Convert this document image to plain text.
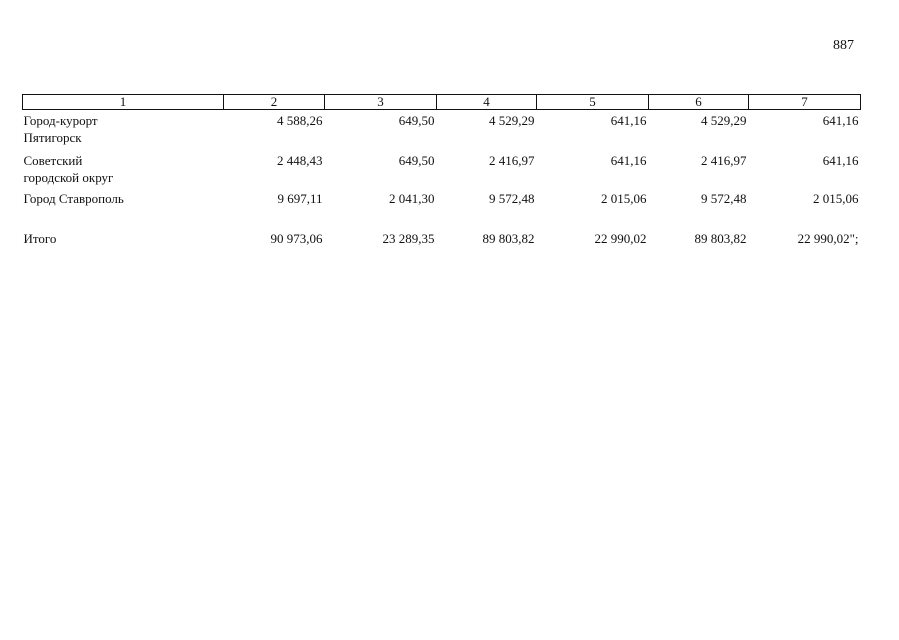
887
1	2	3	4	5	6	7

Город-курорт
Пятигорск	4 588,26	649,50	4 529,29	641,16	4 529,29	641,16

Советский
городской округ	2 448,43	649,50	2 416,97	641,16	2 416,97	641,16

Город Ставрополь	9 697,11	2 041,30	9 572,48	2 015,06	9 572,48	2 015,06

Итого	90 973,06	23 289,35	89 803,82	22 990,02	89 803,82	22 990,02";
